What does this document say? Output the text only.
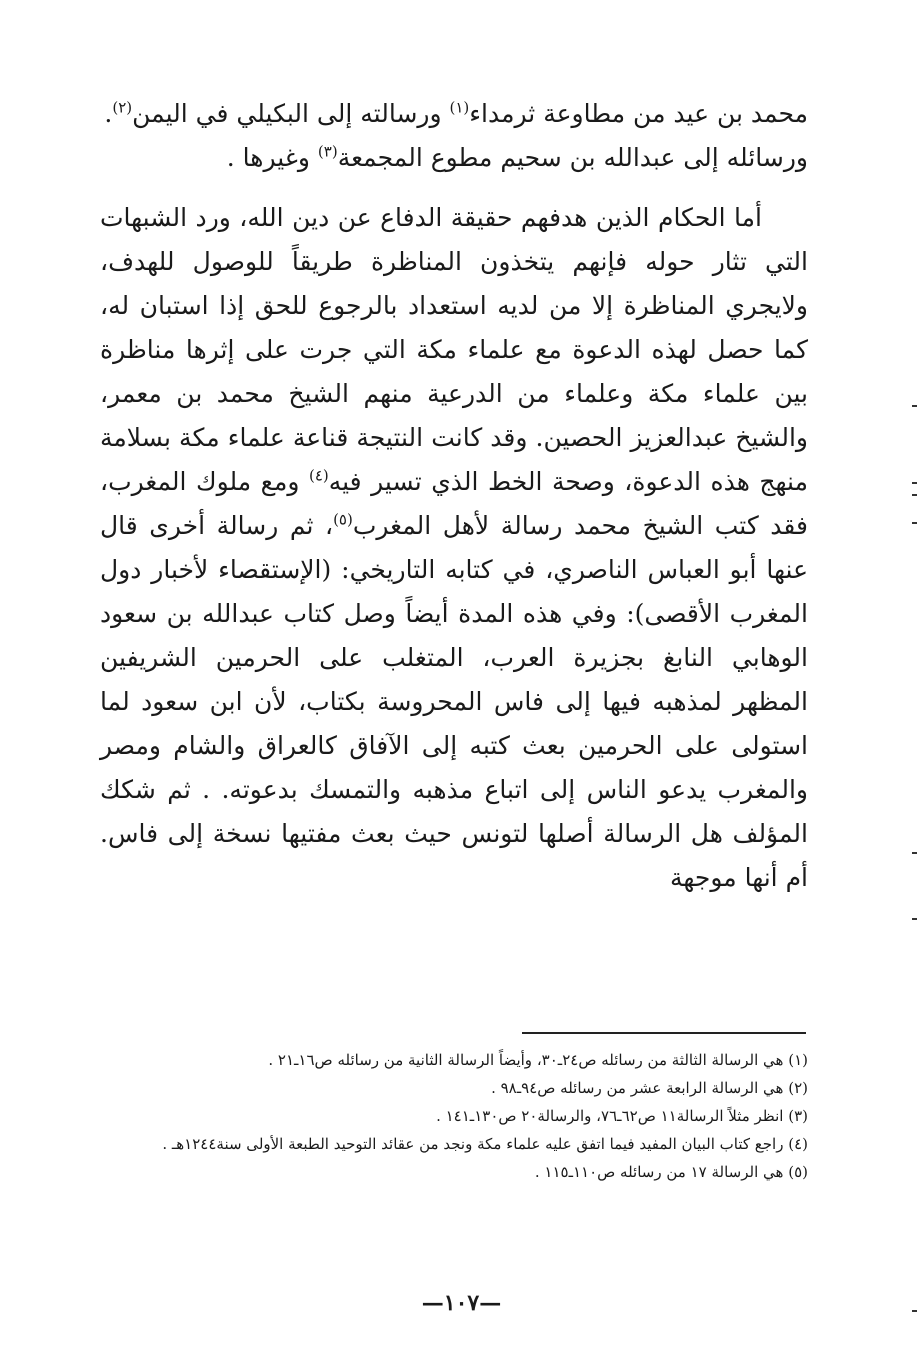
محمد بن عيد من مطاوعة ثرمداء$^{(١)}$ ورسالته إلى البكيلي في اليمن$^{(٢)}$.

ورسائله إلى عبدالله بن سحيم مطوع المجمعة$^{(٣)}$ وغيرها .

أما الحكام الذين هدفهم حقيقة الدفاع عن دين الله، ورد الشبهات التي تثار حوله فإنهم يتخذون المناظرة طريقاً للوصول للهدف، ولايجري المناظرة إلا من لديه استعداد بالرجوع للحق إذا استبان له، كما حصل لهذه الدعوة مع علماء مكة التي جرت على إثرها مناظرة بين علماء مكة وعلماء من الدرعية منهم الشيخ محمد بن معمر، والشيخ عبدالعزيز الحصين. وقد كانت النتيجة قناعة علماء مكة بسلامة منهج هذه الدعوة، وصحة الخط الذي تسير فيه$^{(٤)}$ ومع ملوك المغرب، فقد كتب الشيخ محمد رسالة لأهل المغرب$^{(٥)}$، ثم رسالة أخرى قال عنها أبو العباس الناصري، في كتابه التاريخي: (الإستقصاء لأخبار دول المغرب الأقصى): وفي هذه المدة أيضاً وصل كتاب عبدالله بن سعود الوهابي النابغ بجزيرة العرب، المتغلب على الحرمين الشريفين المظهر لمذهبه فيها إلى فاس المحروسة بكتاب، لأن ابن سعود لما استولى على الحرمين بعث كتبه إلى الآفاق كالعراق والشام ومصر والمغرب يدعو الناس إلى اتباع مذهبه والتمسك بدعوته. . ثم شكك المؤلف هل الرسالة أصلها لتونس حيث بعث مفتيها نسخة إلى فاس. أم أنها موجهة

(١) هي الرسالة الثالثة من رسائله ص٢٤ـ٣٠، وأيضاً الرسالة الثانية من رسائله ص١٦ـ٢١ .

(٢) هي الرسالة الرابعة عشر من رسائله ص٩٤ـ٩٨ .

(٣) انظر مثلاً الرسالة١١ ص٦٢ـ٧٦، والرسالة٢٠ ص١٣٠ـ١٤١ .

(٤) راجع كتاب البيان المفيد فيما اتفق عليه علماء مكة ونجد من عقائد التوحيد الطبعة الأولى سنة١٢٤٤هـ .

(٥) هي الرسالة ١٧ من رسائله ص١١٠ـ١١٥ .

—١٠٧—
